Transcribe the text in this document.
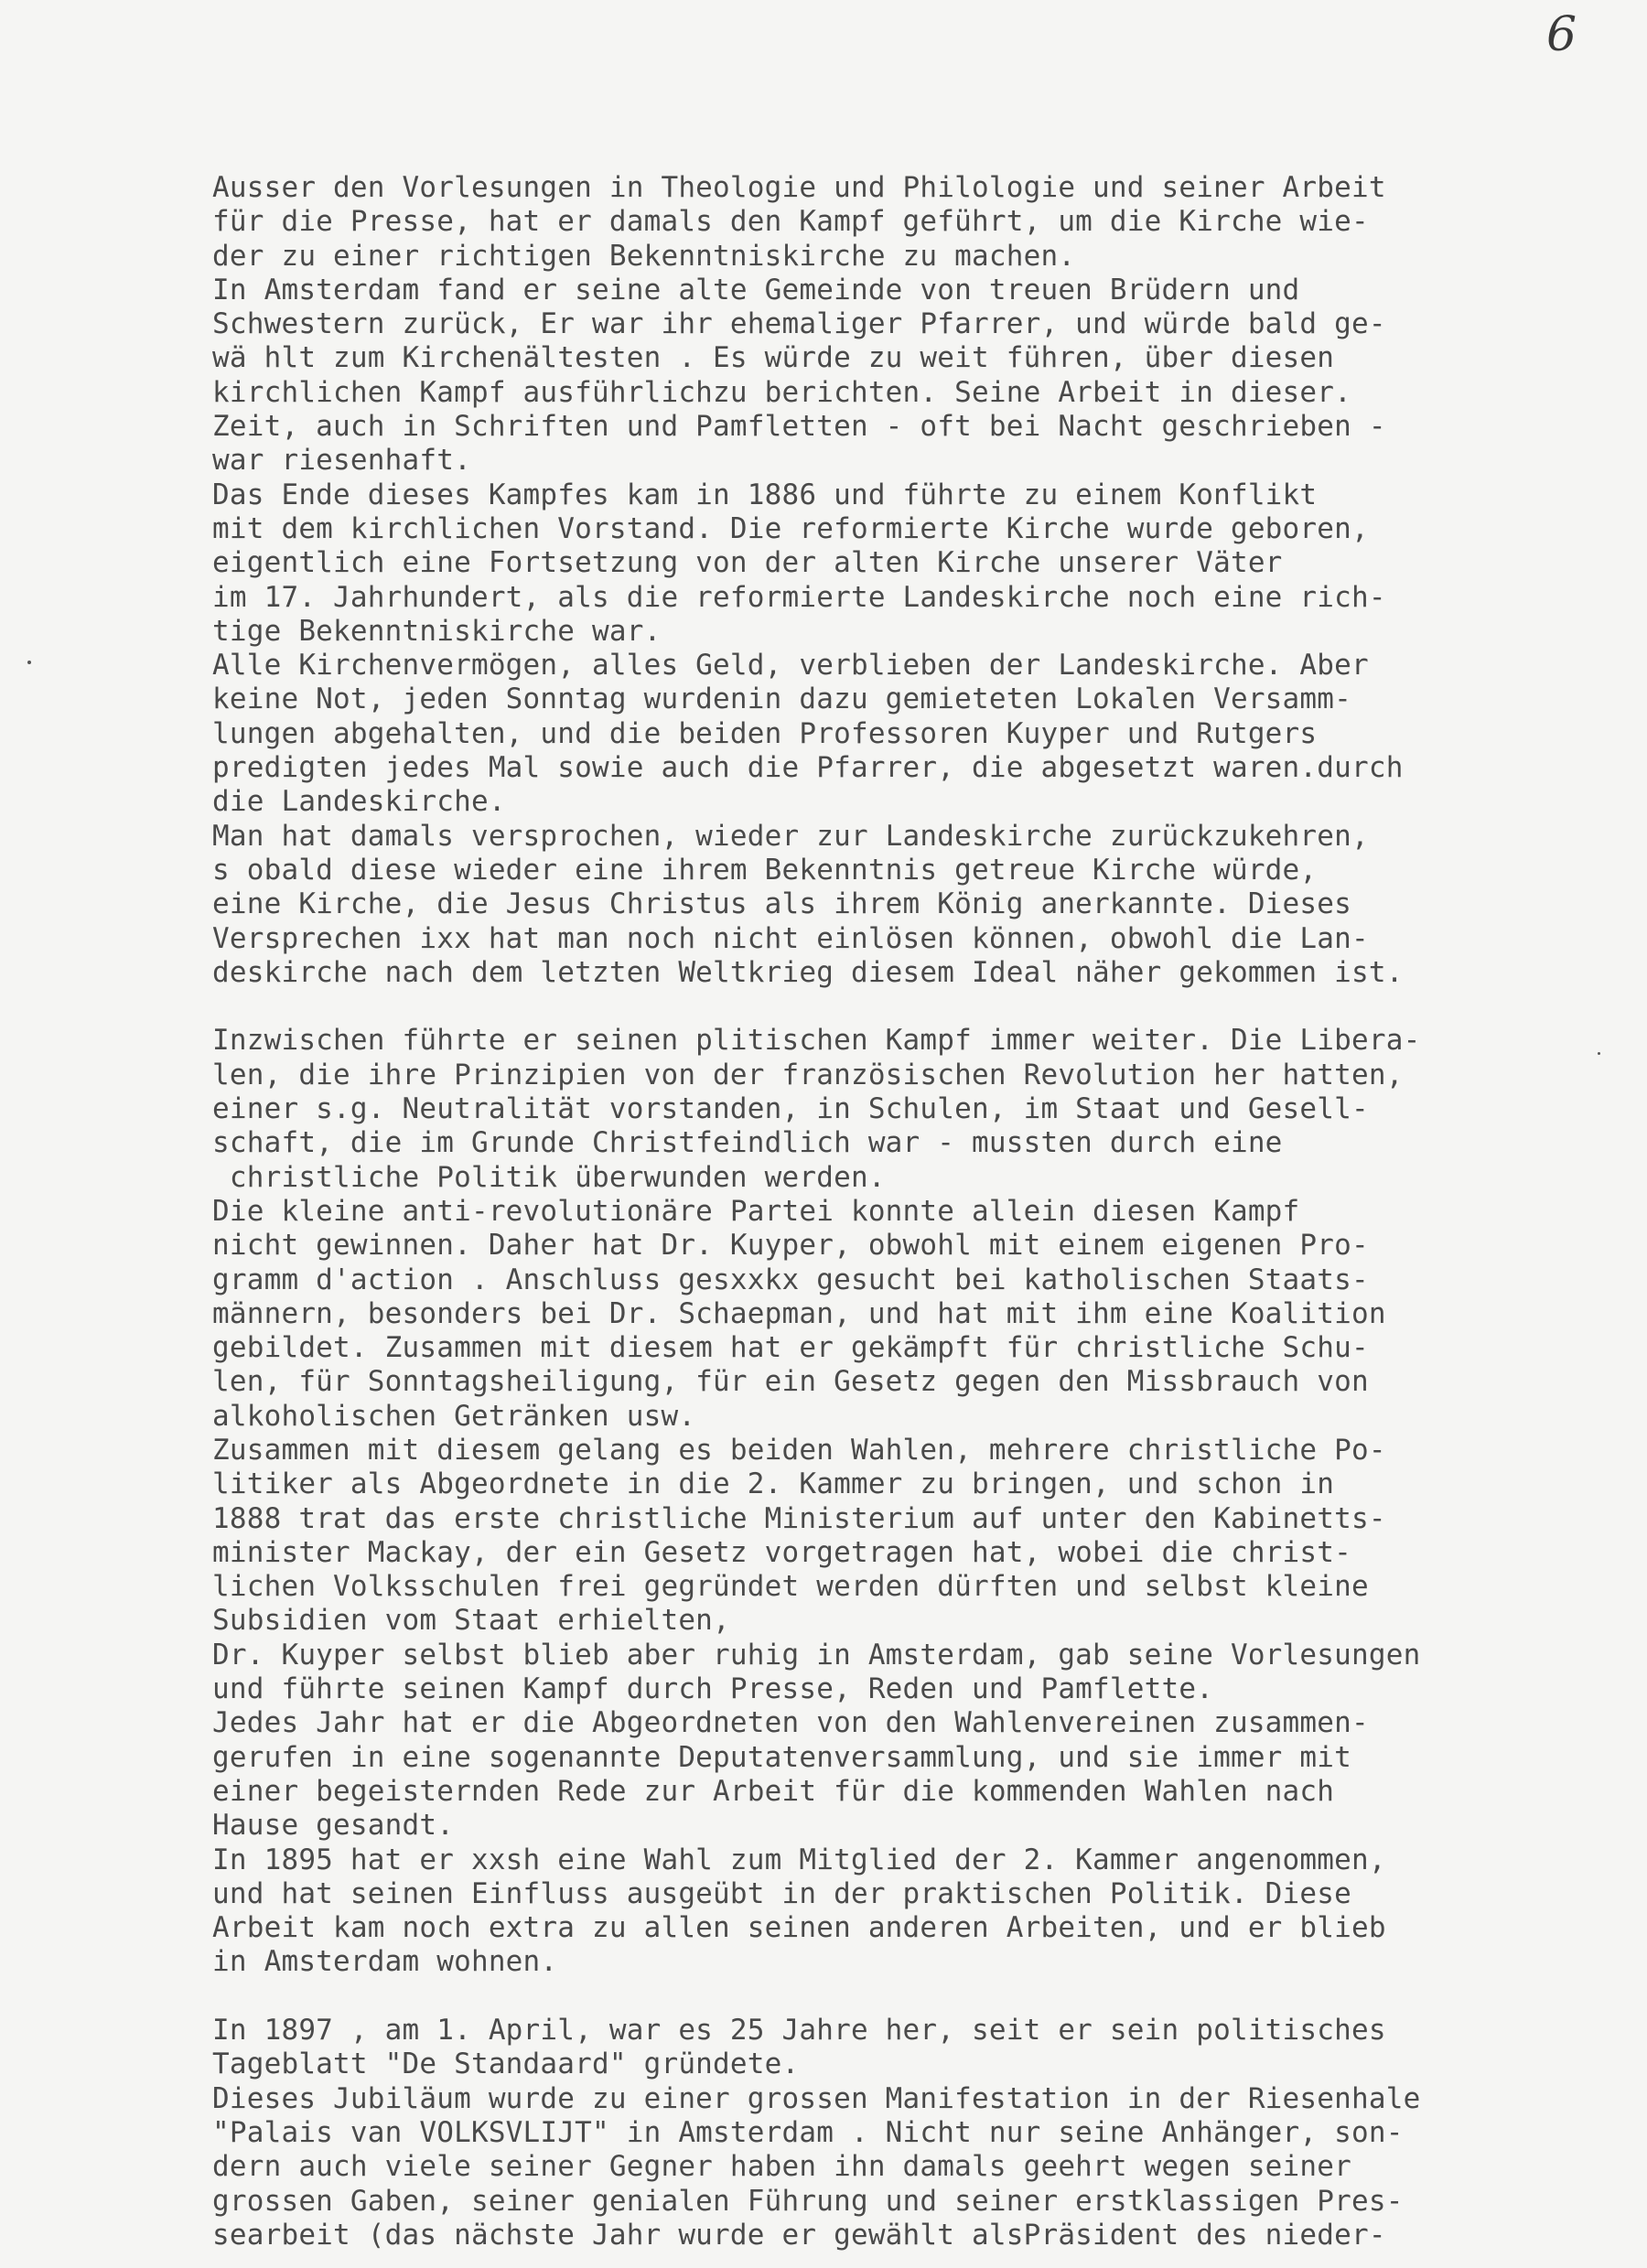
6
Ausser den Vorlesungen in Theologie und Philologie und seiner Arbeit
für die Presse, hat er damals den Kampf geführt, um die Kirche wie-
der zu einer richtigen Bekenntniskirche zu machen.
In Amsterdam fand er seine alte Gemeinde von treuen Brüdern und
Schwestern zurück, Er war ihr ehemaliger Pfarrer, und würde bald ge-
wä hlt zum Kirchenältesten . Es würde zu weit führen, über diesen
kirchlichen Kampf ausführlichzu berichten. Seine Arbeit in dieser.
Zeit, auch in Schriften und Pamfletten - oft bei Nacht geschrieben -
war riesenhaft.
Das Ende dieses Kampfes kam in 1886 und führte zu einem Konflikt
mit dem kirchlichen Vorstand. Die reformierte Kirche wurde geboren,
eigentlich eine Fortsetzung von der alten Kirche unserer Väter
im 17. Jahrhundert, als die reformierte Landeskirche noch eine rich-
tige Bekenntniskirche war.
Alle Kirchenvermögen, alles Geld, verblieben der Landeskirche. Aber
keine Not, jeden Sonntag wurdenin dazu gemieteten Lokalen Versamm-
lungen abgehalten, und die beiden Professoren Kuyper und Rutgers
predigten jedes Mal sowie auch die Pfarrer, die abgesetzt waren.durch
die Landeskirche.
Man hat damals versprochen, wieder zur Landeskirche zurückzukehren,
s obald diese wieder eine ihrem Bekenntnis getreue Kirche würde,
eine Kirche, die Jesus Christus als ihrem König anerkannte. Dieses
Versprechen ixx hat man noch nicht einlösen können, obwohl die Lan-
deskirche nach dem letzten Weltkrieg diesem Ideal näher gekommen ist.
Inzwischen führte er seinen plitischen Kampf immer weiter. Die Libera-
len, die ihre Prinzipien von der französischen Revolution her hatten,
einer s.g. Neutralität vorstanden, in Schulen, im Staat und Gesell-
schaft, die im Grunde Christfeindlich war - mussten durch eine
christliche Politik überwunden werden.
Die kleine anti-revolutionäre Partei konnte allein diesen Kampf
nicht gewinnen. Daher hat Dr. Kuyper, obwohl mit einem eigenen Pro-
gramm d'action . Anschluss gesxxkx gesucht bei katholischen Staats-
männern, besonders bei Dr. Schaepman, und hat mit ihm eine Koalition
gebildet. Zusammen mit diesem hat er gekämpft für christliche Schu-
len, für Sonntagsheiligung, für ein Gesetz gegen den Missbrauch von
alkoholischen Getränken usw.
Zusammen mit diesem gelang es beiden Wahlen, mehrere christliche Po-
litiker als Abgeordnete in die 2. Kammer zu bringen, und schon in
1888 trat das erste christliche Ministerium auf unter den Kabinetts-
minister Mackay, der ein Gesetz vorgetragen hat, wobei die christ-
lichen Volksschulen frei gegründet werden dürften und selbst kleine
Subsidien vom Staat erhielten,
Dr. Kuyper selbst blieb aber ruhig in Amsterdam, gab seine Vorlesungen
und führte seinen Kampf durch Presse, Reden und Pamflette.
Jedes Jahr hat er die Abgeordneten von den Wahlenvereinen zusammen-
gerufen in eine sogenannte Deputatenversammlung, und sie immer mit
einer begeisternden Rede zur Arbeit für die kommenden Wahlen nach
Hause gesandt.
In 1895 hat er xxsh eine Wahl zum Mitglied der 2. Kammer angenommen,
und hat seinen Einfluss ausgeübt in der praktischen Politik. Diese
Arbeit kam noch extra zu allen seinen anderen Arbeiten, und er blieb
in Amsterdam wohnen.
In 1897 , am 1. April, war es 25 Jahre her, seit er sein politisches
Tageblatt "De Standaard" gründete.
Dieses Jubiläum wurde zu einer grossen Manifestation in der Riesenhale
"Palais van VOLKSVLIJT" in Amsterdam . Nicht nur seine Anhänger, son-
dern auch viele seiner Gegner haben ihn damals geehrt wegen seiner
grossen Gaben, seiner genialen Führung und seiner erstklassigen Pres-
searbeit (das nächste Jahr wurde er gewählt alsPräsident des nieder-
